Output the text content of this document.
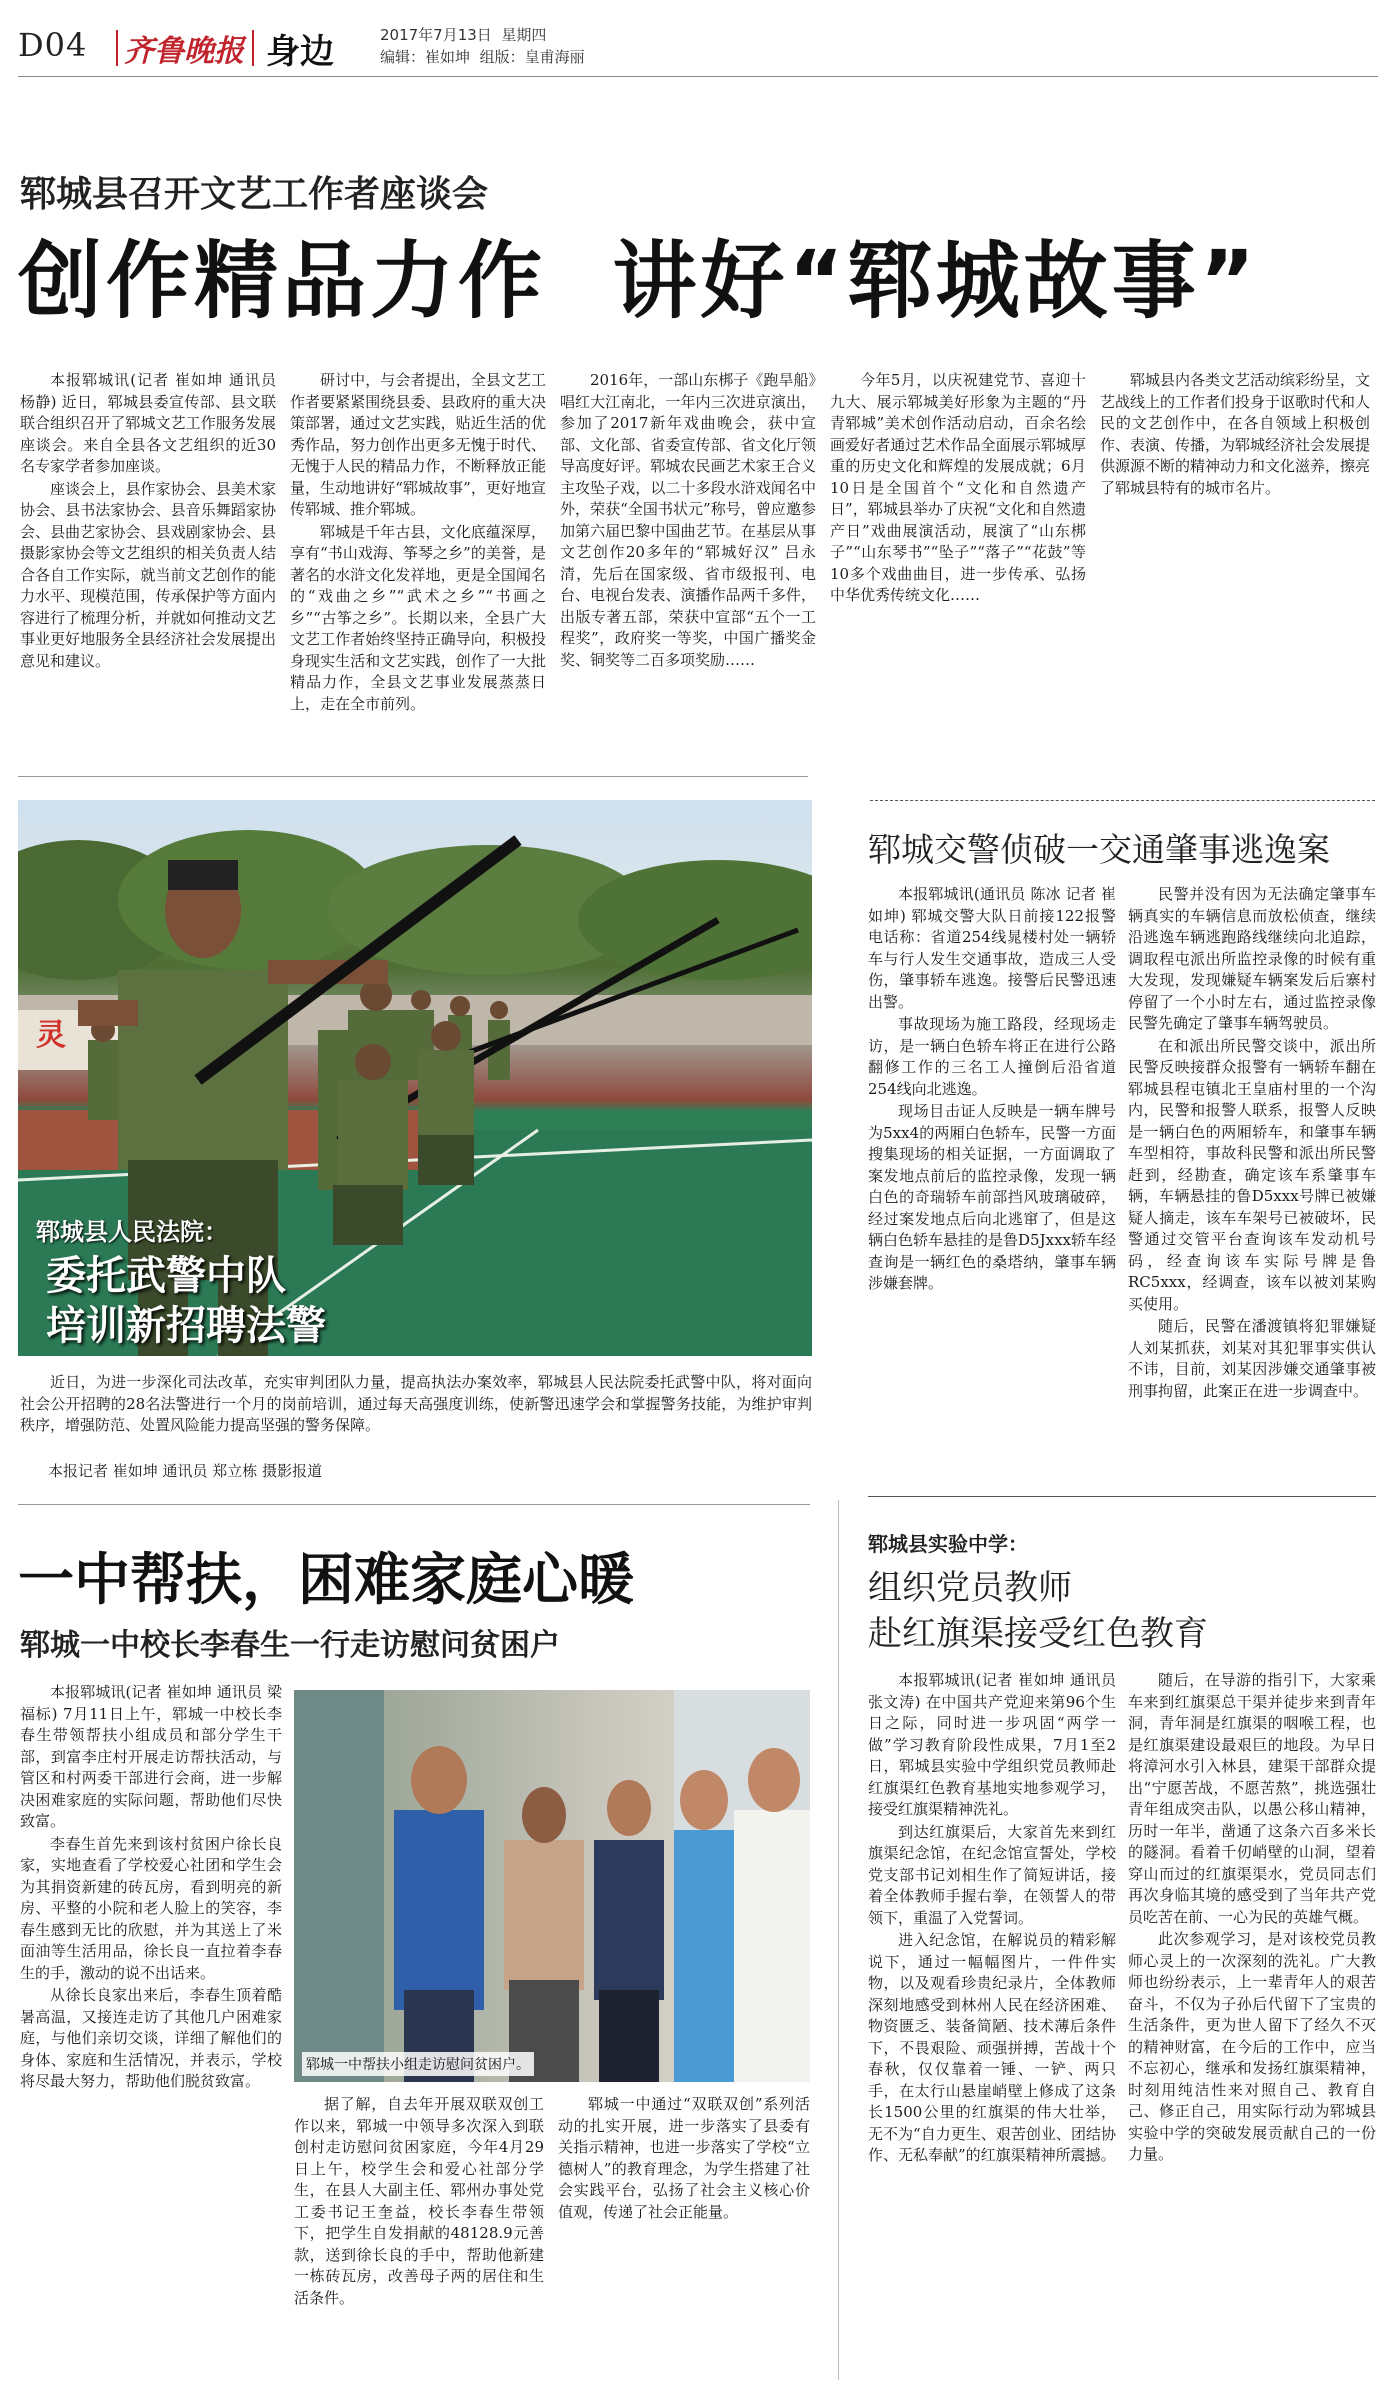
D04 齐鲁晚报 身边	2017年7月13日 星期四
编辑：崔如坤 组版：皇甫海丽
郓城县召开文艺工作者座谈会
创作精品力作  讲好“郓城故事”

本报郓城讯(记者 崔如坤 通讯员 杨静) 近日，郓城县委宣传部、县文联联合组织召开了郓城文艺工作服务发展座谈会。来自全县各文艺组织的近30名专家学者参加座谈。

座谈会上，县作家协会、县美术家协会、县书法家协会、县音乐舞蹈家协会、县曲艺家协会、县戏剧家协会、县摄影家协会等文艺组织的相关负责人结合各自工作实际，就当前文艺创作的能力水平、现模范围，传承保护等方面内容进行了梳理分析，并就如何推动文艺事业更好地服务全县经济社会发展提出意见和建议。

研讨中，与会者提出，全县文艺工作者要紧紧围绕县委、县政府的重大决策部署，通过文艺实践，贴近生活的优秀作品，努力创作出更多无愧于时代、无愧于人民的精品力作，不断释放正能量，生动地讲好“郓城故事”，更好地宣传郓城、推介郓城。

郓城是千年古县，文化底蕴深厚，享有“书山戏海、筝琴之乡”的美誉，是著名的水浒文化发祥地，更是全国闻名的“戏曲之乡”“武术之乡”“书画之乡”“古筝之乡”。长期以来，全县广大文艺工作者始终坚持正确导向，积极投身现实生活和文艺实践，创作了一大批精品力作，全县文艺事业发展蒸蒸日上，走在全市前列。

2016年，一部山东梆子《跑旱船》唱红大江南北，一年内三次进京演出，参加了2017新年戏曲晚会，获中宣部、文化部、省委宣传部、省文化厅领导高度好评。郓城农民画艺术家王合义主攻坠子戏，以二十多段水浒戏闻名中外，荣获“全国书状元”称号，曾应邀参加第六届巴黎中国曲艺节。在基层从事文艺创作20多年的“郓城好汉” 吕永清，先后在国家级、省市级报刊、电台、电视台发表、演播作品两千多件，出版专著五部，荣获中宣部“五个一工程奖”，政府奖一等奖，中国广播奖金奖、铜奖等二百多项奖励……

今年5月，以庆祝建党节、喜迎十九大、展示郓城美好形象为主题的“丹青郓城”美术创作活动启动，百余名绘画爱好者通过艺术作品全面展示郓城厚重的历史文化和辉煌的发展成就；6月10日是全国首个“文化和自然遗产日”，郓城县举办了庆祝“文化和自然遗产日”戏曲展演活动，展演了“山东梆子”“山东琴书”“坠子”“落子”“花鼓”等10多个戏曲曲目，进一步传承、弘扬中华优秀传统文化……

郓城县内各类文艺活动缤彩纷呈，文艺战线上的工作者们投身于讴歌时代和人民的文艺创作中，在各自领域上积极创作、表演、传播，为郓城经济社会发展提供源源不断的精神动力和文化滋养，擦亮了郓城县特有的城市名片。

灵
郓城县人民法院：
委托武警中队
培训新招聘法警

近日，为进一步深化司法改革，充实审判团队力量，提高执法办案效率，郓城县人民法院委托武警中队，将对面向社会公开招聘的28名法警进行一个月的岗前培训，通过每天高强度训练，使新警迅速学会和掌握警务技能，为维护审判秩序，增强防范、处置风险能力提高坚强的警务保障。

本报记者 崔如坤 通讯员 郑立栋 摄影报道
郓城交警侦破一交通肇事逃逸案

本报郓城讯(通讯员 陈冰 记者 崔如坤) 郓城交警大队日前接122报警电话称：省道254线晁楼村处一辆轿车与行人发生交通事故，造成三人受伤，肇事轿车逃逸。接警后民警迅速出警。

事故现场为施工路段，经现场走访，是一辆白色轿车将正在进行公路翻修工作的三名工人撞倒后沿省道254线向北逃逸。

现场目击证人反映是一辆车牌号为5xx4的两厢白色轿车，民警一方面搜集现场的相关证据，一方面调取了案发地点前后的监控录像，发现一辆白色的奇瑞轿车前部挡风玻璃破碎，经过案发地点后向北逃窜了，但是这辆白色轿车悬挂的是鲁D5Jxxx轿车经查询是一辆红色的桑塔纳，肇事车辆涉嫌套牌。

民警并没有因为无法确定肇事车辆真实的车辆信息而放松侦查，继续沿逃逸车辆逃跑路线继续向北追踪，调取程屯派出所监控录像的时候有重大发现，发现嫌疑车辆案发后后寨村停留了一个小时左右，通过监控录像民警先确定了肇事车辆驾驶员。

在和派出所民警交谈中，派出所民警反映接群众报警有一辆轿车翻在郓城县程屯镇北王皇庙村里的一个沟内，民警和报警人联系，报警人反映是一辆白色的两厢轿车，和肇事车辆车型相符，事故科民警和派出所民警赶到，经勘查，确定该车系肇事车辆，车辆悬挂的鲁D5xxx号牌已被嫌疑人摘走，该车车架号已被破坏，民警通过交管平台查询该车发动机号码，经查询该车实际号牌是鲁RC5xxx，经调查，该车以被刘某购买使用。

随后，民警在潘渡镇将犯罪嫌疑人刘某抓获，刘某对其犯罪事实供认不讳，目前，刘某因涉嫌交通肇事被刑事拘留，此案正在进一步调查中。

一中帮扶，困难家庭心暖
郓城一中校长李春生一行走访慰问贫困户

本报郓城讯(记者 崔如坤 通讯员 梁福标) 7月11日上午，郓城一中校长李春生带领帮扶小组成员和部分学生干部，到富李庄村开展走访帮扶活动，与管区和村两委干部进行会商，进一步解决困难家庭的实际问题，帮助他们尽快致富。

李春生首先来到该村贫困户徐长良家，实地查看了学校爱心社团和学生会为其捐资新建的砖瓦房，看到明亮的新房、平整的小院和老人脸上的笑容，李春生感到无比的欣慰，并为其送上了米面油等生活用品，徐长良一直拉着李春生的手，激动的说不出话来。

从徐长良家出来后，李春生顶着酷暑高温，又接连走访了其他几户困难家庭，与他们亲切交谈，详细了解他们的身体、家庭和生活情况，并表示，学校将尽最大努力，帮助他们脱贫致富。

郓城一中帮扶小组走访慰问贫困户。

据了解，自去年开展双联双创工作以来，郓城一中领导多次深入到联创村走访慰问贫困家庭，今年4月29日上午，校学生会和爱心社部分学生，在县人大副主任、郓州办事处党工委书记王奎益，校长李春生带领下，把学生自发捐献的48128.9元善款，送到徐长良的手中，帮助他新建一栋砖瓦房，改善母子两的居住和生活条件。

郓城一中通过“双联双创”系列活动的扎实开展，进一步落实了县委有关指示精神，也进一步落实了学校“立德树人”的教育理念，为学生搭建了社会实践平台，弘扬了社会主义核心价值观，传递了社会正能量。

郓城县实验中学：
组织党员教师
赴红旗渠接受红色教育

本报郓城讯(记者 崔如坤 通讯员 张文涛) 在中国共产党迎来第96个生日之际，同时进一步巩固“两学一做”学习教育阶段性成果，7月1至2日，郓城县实验中学组织党员教师赴红旗渠红色教育基地实地参观学习，接受红旗渠精神洗礼。

到达红旗渠后，大家首先来到红旗渠纪念馆，在纪念馆宣誓处，学校党支部书记刘相生作了简短讲话，接着全体教师手握右拳，在领誓人的带领下，重温了入党誓词。

进入纪念馆，在解说员的精彩解说下，通过一幅幅图片，一件件实物，以及观看珍贵纪录片，全体教师深刻地感受到林州人民在经济困难、物资匮乏、装备简陋、技术薄后条件下，不畏艰险、顽强拼搏，苦战十个春秋，仅仅靠着一锤、一铲、两只手，在太行山悬崖峭壁上修成了这条长1500公里的红旗渠的伟大壮举，无不为“自力更生、艰苦创业、团结协作、无私奉献”的红旗渠精神所震撼。

随后，在导游的指引下，大家乘车来到红旗渠总干渠并徒步来到青年洞，青年洞是红旗渠的咽喉工程，也是红旗渠建设最艰巨的地段。为早日将漳河水引入林县，建渠干部群众提出“宁愿苦战，不愿苦熬”，挑选强壮青年组成突击队，以愚公移山精神，历时一年半，凿通了这条六百多米长的隧洞。看着千仞峭壁的山洞，望着穿山而过的红旗渠渠水，党员同志们再次身临其境的感受到了当年共产党员吃苦在前、一心为民的英雄气概。

此次参观学习，是对该校党员教师心灵上的一次深刻的洗礼。广大教师也纷纷表示，上一辈青年人的艰苦奋斗，不仅为子孙后代留下了宝贵的生活条件，更为世人留下了经久不灭的精神财富，在今后的工作中，应当不忘初心，继承和发扬红旗渠精神，时刻用纯洁性来对照自己、教育自己、修正自己，用实际行动为郓城县实验中学的突破发展贡献自己的一份力量。
